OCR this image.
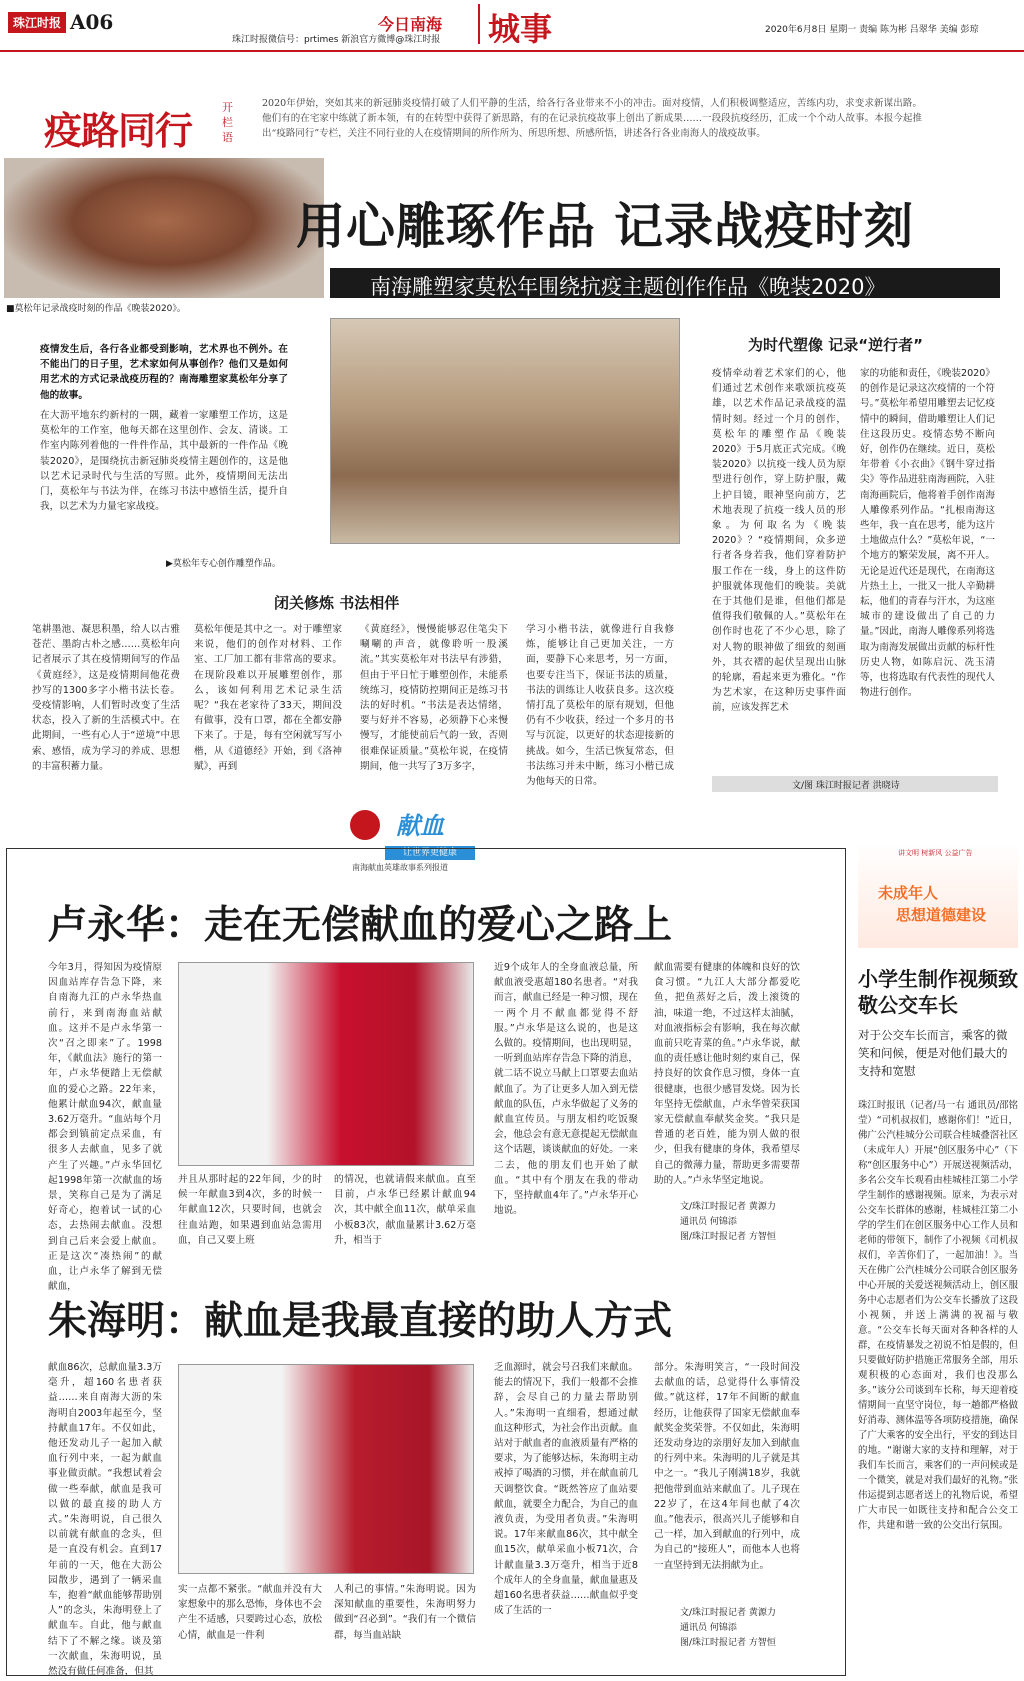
珠江时报 A06	今日南海
珠江时报微信号：prtimes 新浪官方微博@珠江时报 城事	2020年6月8日 星期一 责编 陈为彬 吕翠华 美编 彭琼
疫路同行
开栏语
2020年伊始，突如其来的新冠肺炎疫情打破了人们平静的生活，给各行各业带来不小的冲击。面对疫情，人们积极调整适应，苦练内功，求变求新谋出路。他们有的在宅家中练就了新本领，有的在转型中获得了新思路，有的在记录抗疫故事上创出了新成果……一段段抗疫经历，汇成一个个动人故事。本报今起推出“疫路同行”专栏，关注不同行业的人在疫情期间的所作所为、所思所想、所感所悟，讲述各行各业南海人的战疫故事。
■莫松年记录战疫时刻的作品《晚装2020》。
用心雕琢作品 记录战疫时刻
南海雕塑家莫松年围绕抗疫主题创作作品《晚装2020》
疫情发生后，各行各业都受到影响，艺术界也不例外。在不能出门的日子里，艺术家如何从事创作？他们又是如何用艺术的方式记录战疫历程的？南海雕塑家莫松年分享了他的故事。
在大沥平地东约新村的一隅，藏着一家雕塑工作坊，这是莫松年的工作室，他每天都在这里创作、会友、清谈。工作室内陈列着他的一件件作品，其中最新的一件作品《晚装2020》，是围绕抗击新冠肺炎疫情主题创作的，这是他以艺术记录时代与生活的写照。此外，疫情期间无法出门，莫松年与书法为伴，在练习书法中感悟生活，提升自我，以艺术为力量宅家战疫。
▶莫松年专心创作雕塑作品。
为时代塑像 记录“逆行者”
疫情牵动着艺术家们的心，他们通过艺术创作来歌颂抗疫英雄，以艺术作品记录战疫的温情时刻。经过一个月的创作，莫松年的雕塑作品《晚装2020》于5月底正式完成。《晚装2020》以抗疫一线人员为原型进行创作，穿上防护服，戴上护目镜，眼神坚向前方，艺术地表现了抗疫一线人员的形象。为何取名为《晚装2020》？“疫情期间，众多逆行者各身若我，他们穿着防护服工作在一线，身上的这件防护服就体现他们的晚装。美就在于其他们是谁，但他们都是值得我们敬佩的人。”莫松年在创作时也花了不少心思，除了对人物的眼神做了细致的刻画外，其衣褶的起伏呈现出山脉的轮廓，看起来更为雅化。“作为艺术家，在这种历史事件面前，应该发挥艺术
家的功能和责任，《晚装2020》的创作是记录这次疫情的一个符号。”莫松年希望用雕塑去记忆疫情中的瞬间，借助雕塑让人们记住这段历史。疫情态势不断向好，创作仍在继续。近日，莫松年带着《小衣曲》《钢牛穿过指尖》等作品进驻南海画院，入驻南海画院后，他将着手创作南海人雕像系列作品。“扎根南海这些年，我一直在思考，能为这片土地做点什么？”莫松年说，“一个地方的繁荣发展，离不开人。无论是近代还是现代，在南海这片热土上，一批又一批人辛勤耕耘，他们的青春与汗水，为这座城市的建设做出了自己的力量。”因此，南海人雕像系列将选取为南海发展做出贡献的标杆性历史人物，如陈启沅、冼玉清等，也将选取有代表性的现代人物进行创作。
闭关修炼 书法相伴
笔耕墨池、凝思积墨，给人以古雅苍茫、墨韵古朴之感……莫松年向记者展示了其在疫情期间写的作品《黄庭经》，这是疫情期间他花费抄写的1300多字小楷书法长卷。受疫情影响，人们暂时改变了生活状态，投入了新的生活模式中。在此期间，一些有心人于“逆境”中思索、感悟，成为学习的养成、思想的丰富积蓄力量。
莫松年便是其中之一。对于雕塑家来说，他们的创作对材料、工作室、工厂加工都有非常高的要求。在现阶段难以开展雕塑创作，那么，该如何利用艺术记录生活呢？“我在老家待了33天，期间没有做事，没有口罩，都在全都安静下来了。于是，每有空闲就写写小楷，从《道德经》开始，到《洛神赋》，再到
《黄庭经》，慢慢能够忍住笔尖下唰唰的声音，就像聆听一股溪流。”其实莫松年对书法早有涉猎，但由于平日忙于雕塑创作，未能系统练习，疫情防控期间正是练习书法的好时机。“书法是表达情绪，要与好并不容易，必须静下心来慢慢写，才能使前后气韵一致，否则很难保证质量。”莫松年说，在疫情期间，他一共写了3万多字，
学习小楷书法，就像进行自我修炼，能够让自己更加关注，一方面，要静下心来思考，另一方面，也要专注当下，保证书法的质量，书法的训练让人收获良多。这次疫情打乱了莫松年的原有规划，但他仍有不少收获，经过一个多月的书写与沉淀，以更好的状态迎接新的挑战。如今，生活已恢复常态，但书法练习并未中断，练习小楷已成为他每天的日常。	文/图 珠江时报记者 洪晓诗
献血
让世界更健康
南海献血英雄故事系列报道
卢永华：走在无偿献血的爱心之路上
今年3月，得知因为疫情原因血站库存告急下降，来自南海九江的卢永华热血前行，来到南海血站献血。这并不是卢永华第一次“召之即来”了。1998年，《献血法》施行的第一年，卢永华便踏上无偿献血的爱心之路。22年来，他累计献血94次，献血量3.62万毫升。“血站每个月都会到镇前定点采血，有很多人去献血，见多了就产生了兴趣。”卢永华回忆起1998年第一次献血的场景，笑称自己是为了满足好奇心，抱着试一试的心态，去热闹去献血。没想到自己后来会爱上献血。正是这次“凑热闹”的献血，让卢永华了解到无偿献血，
并且从那时起的22年间，少的时候一年献血3到4次，多的时候一年献血12次，只要时间，也就会往血站跑，如果遇到血站急需用血，自己又要上班
的情况，也就请假来献血。直至目前，卢永华已经累计献血94次，其中献全血11次，献单采血小板83次，献血量累计3.62万毫升，相当于
近9个成年人的全身血液总量，所献血液受惠超180名患者。“对我而言，献血已经是一种习惯，现在一两个月不献血都觉得不舒服。”卢永华是这么说的，也是这么做的。疫情期间，也出现明显，一听到血站库存告急下降的消息，就二话不说立马献上口罩要去血站献血了。为了让更多人加入到无偿献血的队伍，卢永华做起了义务的献血宣传员。与朋友相约吃饭聚会，他总会有意无意提起无偿献血这个话题，谈谈献血的好处。一来二去，他的朋友们也开始了献血。“其中有个朋友在我的带动下，坚持献血4年了。”卢永华开心地说。
献血需要有健康的体魄和良好的饮食习惯。“九江人大部分都爱吃鱼，把鱼蒸好之后，泼上滚烫的油，味道一绝，不过这样太油腻，对血液指标会有影响，我在每次献血前只吃青菜的鱼。”卢永华说，献血的责任感让他时刻约束自己，保持良好的饮食作息习惯，身体一直很健康，也很少感冒发烧。因为长年坚持无偿献血，卢永华曾荣获国家无偿献血奉献奖金奖。“我只是普通的老百姓，能为别人做的很少，但我有健康的身体，我希望尽自己的微薄力量，帮助更多需要帮助的人。”卢永华坚定地说。
文/珠江时报记者 黄源力
通讯员 何锦添
图/珠江时报记者 方智恒
朱海明：献血是我最直接的助人方式
献血86次，总献血量3.3万毫升，超160名患者获益……来自南海大沥的朱海明自2003年起至今，坚持献血17年。不仅如此，他还发动儿子一起加入献血行列中来，一起为献血事业做贡献。“我想试着会做一些奉献，献血是我可以做的最直接的助人方式。”朱海明说，自己很久以前就有献血的念头，但是一直没有机会。直到17年前的一天，他在大沥公园散步，遇到了一辆采血车，抱着“献血能够帮助别人”的念头，朱海明登上了献血车。自此，他与献血结下了不解之缘。谈及第一次献血，朱海明说，虽然没有做任何准备，但其
实一点都不紧张。“献血并没有大家想象中的那么恐怖，身体也不会产生不适感，只要跨过心态，放松心情，献血是一件利
人利己的事情。”朱海明说。因为深知献血的重要性，朱海明努力做到“召必到”。“我们有一个微信群，每当血站缺
乏血源时，就会号召我们来献血。能去的情况下，我们一般都不会推辞，会尽自己的力量去帮助别人。”朱海明一直细看，想通过献血这种形式，为社会作出贡献。血站对于献血者的血液质量有严格的要求，为了能够达标，朱海明主动戒掉了喝酒的习惯，并在献血前几天调整饮食。“既然答应了血站要献血，就要全力配合，为自己的血液负责，为受用者负责。”朱海明说。17年来献血86次，其中献全血15次，献单采血小板71次，合计献血量3.3万毫升，相当于近8个成年人的全身血量，献血量惠及超160名患者获益……献血似乎变成了生活的一
部分。朱海明笑言，“一段时间没去献血的话，总觉得什么事情没做。”就这样，17年不间断的献血经历，让他获得了国家无偿献血奉献奖金奖荣誉。不仅如此，朱海明还发动身边的亲朋好友加入到献血的行列中来。朱海明的儿子就是其中之一。“我儿子刚满18岁，我就把他带到血站来献血了。儿子现在22岁了，在这4年间也献了4次血。”他表示，很高兴儿子能够和自己一样，加入到献血的行列中，成为自己的“接班人”，而他本人也将一直坚持到无法捐献为止。
文/珠江时报记者 黄源力
通讯员 何锦添
图/珠江时报记者 方智恒
讲文明 树新风 公益广告
未成年人
思想道德建设
小学生制作视频致敬公交车长
对于公交车长而言，乘客的微笑和问候，便是对他们最大的支持和宽慰
珠江时报讯（记者/马一右 通讯员/邵铭莹）“司机叔叔们，感谢你们！”近日，佛广公汽桂城分公司联合桂城叠滘社区（未成年人）开展“创区服务中心”（下称“创区服务中心”）开展送视频活动，多名公交车长观看由桂城桂江第二小学学生制作的感谢视频。原来，为表示对公交车长群体的感谢，桂城桂江第二小学的学生们在创区服务中心工作人员和老师的带领下，制作了小视频《司机叔叔们，辛苦你们了，一起加油！》。当天在佛广公汽桂城分公司联合创区服务中心开展的关爱送视频活动上，创区服务中心志愿者们为公交车长播放了这段小视频，并送上满满的祝福与敬意。“公交车长每天面对各种各样的人群，在疫情暴发之初说不怕是假的，但只要做好防护措施正常服务全部，用乐观积极的心态面对，我们也没那么多。”该分公司谈到车长称，每天迎着疫情期间一直坚守岗位，每一趟都严格做好消毒、测体温等各项防疫措施，确保了广大乘客的安全出行，平安的到达目的地。“谢谢大家的支持和理解，对于我们车长而言，乘客们的一声问候或是一个微笑，就是对我们最好的礼物。”张伟运提到志愿者送上的礼物后说，希望广大市民一如既往支持和配合公交工作，共建和谐一致的公交出行氛围。
